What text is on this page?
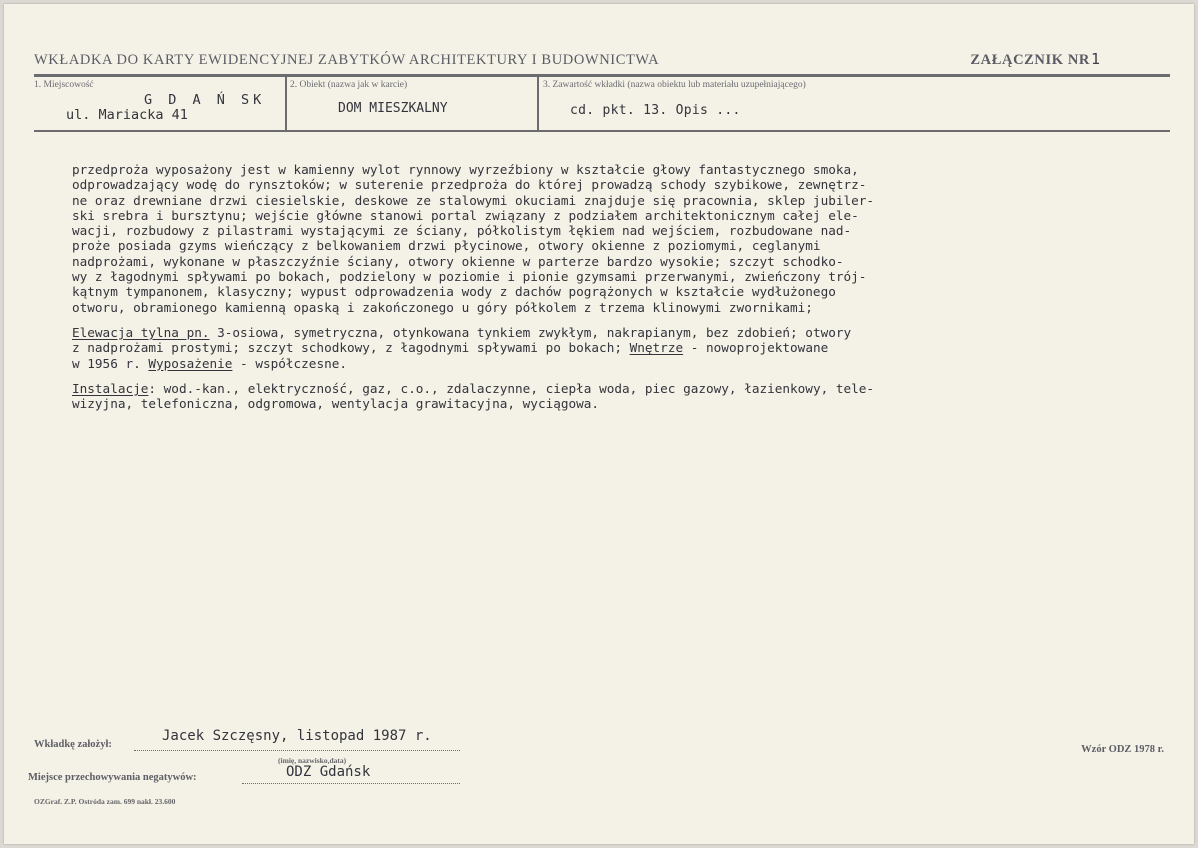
WKŁADKA DO KARTY EWIDENCYJNEJ ZABYTKÓW ARCHITEKTURY I BUDOWNICTWA	ZAŁĄCZNIK NR 1
1. Miejscowość
G D A Ń SK
ul. Mariacka 41
2. Obiekt (nazwa jak w karcie)
DOM MIESZKALNY
3. Zawartość wkładki (nazwa obiektu lub materiału uzupełniającego)
cd. pkt. 13. Opis ...

przedproża wyposażony jest w kamienny wylot rynnowy wyrzeźbiony w kształcie głowy fantastycznego smoka,
odprowadzający wodę do rynsztoków; w suterenie przedproża do której prowadzą schody szybikowe, zewnętrz-
ne oraz drewniane drzwi ciesielskie, deskowe ze stalowymi okuciami znajduje się pracownia, sklep jubiler-
ski srebra i bursztynu; wejście główne stanowi portal związany z podziałem architektonicznym całej ele-
wacji, rozbudowy z pilastrami wystającymi ze ściany, półkolistym łękiem nad wejściem, rozbudowane nad-
proże posiada gzyms wieńczący z belkowaniem drzwi płycinowe, otwory okienne z poziomymi, ceglanymi
nadprożami, wykonane w płaszczyźnie ściany, otwory okienne w parterze bardzo wysokie; szczyt schodko-
wy z łagodnymi spływami po bokach, podzielony w poziomie i pionie gzymsami przerwanymi, zwieńczony trój-
kątnym tympanonem, klasyczny; wypust odprowadzenia wody z dachów pogrążonych w kształcie wydłużonego
otworu, obramionego kamienną opaską i zakończonego u góry półkolem z trzema klinowymi zwornikami;

Elewacja tylna pn. 3-osiowa, symetryczna, otynkowana tynkiem zwykłym, nakrapianym, bez zdobień; otwory
z nadprożami prostymi; szczyt schodkowy, z łagodnymi spływami po bokach; Wnętrze - nowoprojektowane
w 1956 r. Wyposażenie - współczesne.

Instalacje: wod.-kan., elektryczność, gaz, c.o., zdalaczynne, ciepła woda, piec gazowy, łazienkowy, tele-
wizyjna, telefoniczna, odgromowa, wentylacja grawitacyjna, wyciągowa.

Wkładkę założył:
Jacek Szczęsny, listopad 1987 r.
(imię, nazwisko,data)
Miejsce przechowywania negatywów:	ODZ Gdańsk
Wzór ODZ 1978 r.
OZGraf. Z.P. Ostróda zam. 699 nakł. 23.600
